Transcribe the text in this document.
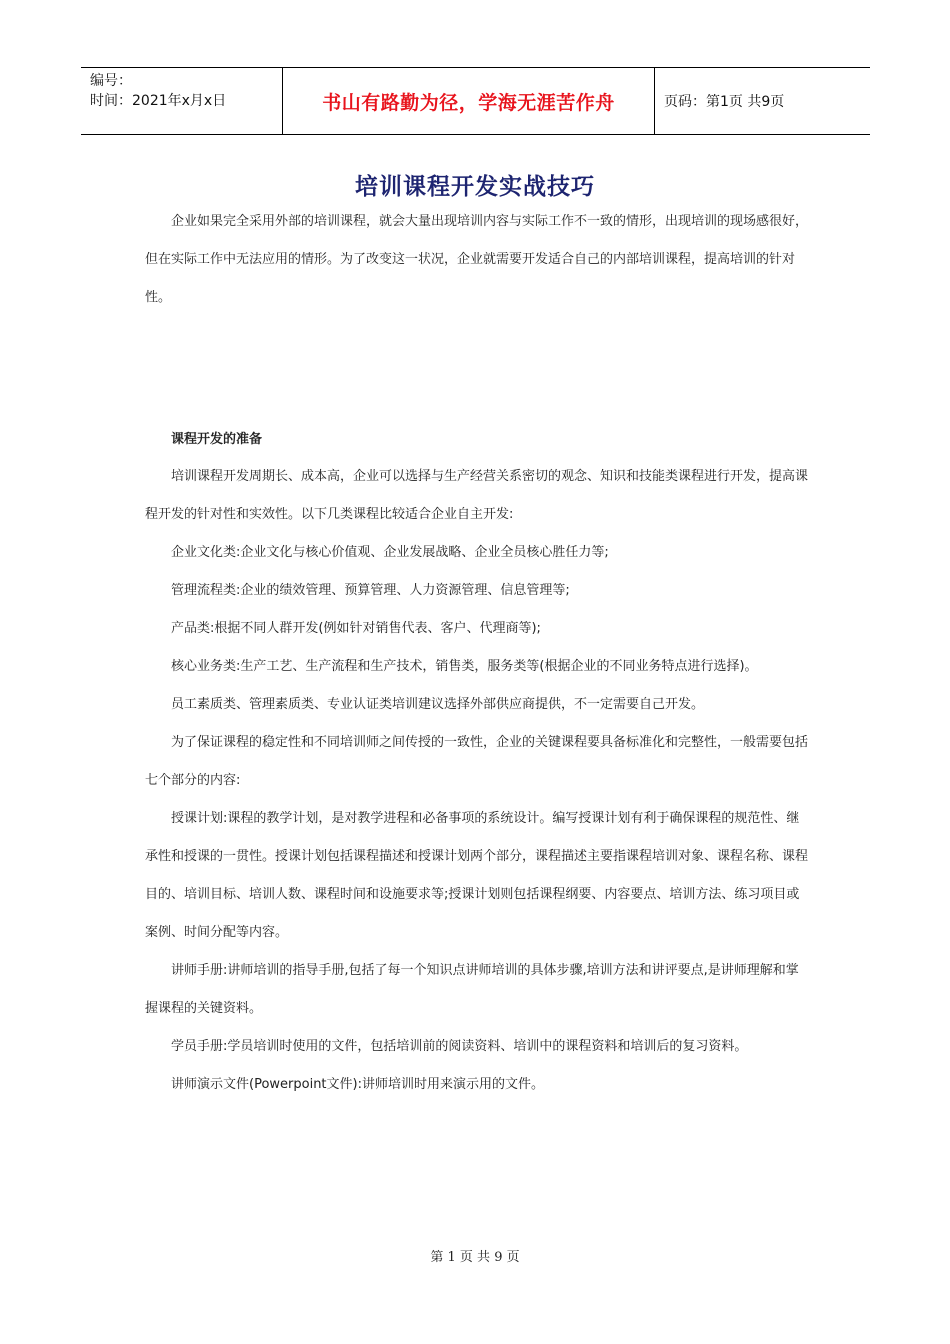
编号：
时间：2021年x月x日	书山有路勤为径，学海无涯苦作舟	页码：第1页 共9页
培训课程开发实战技巧

企业如果完全采用外部的培训课程，就会大量出现培训内容与实际工作不一致的情形，出现培训的现场感很好，但在实际工作中无法应用的情形。为了改变这一状况，企业就需要开发适合自己的内部培训课程，提高培训的针对性。

课程开发的准备

培训课程开发周期长、成本高，企业可以选择与生产经营关系密切的观念、知识和技能类课程进行开发，提高课程开发的针对性和实效性。以下几类课程比较适合企业自主开发:

企业文化类:企业文化与核心价值观、企业发展战略、企业全员核心胜任力等;

管理流程类:企业的绩效管理、预算管理、人力资源管理、信息管理等;

产品类:根据不同人群开发(例如针对销售代表、客户、代理商等);

核心业务类:生产工艺、生产流程和生产技术，销售类，服务类等(根据企业的不同业务特点进行选择)。

员工素质类、管理素质类、专业认证类培训建议选择外部供应商提供，不一定需要自己开发。

为了保证课程的稳定性和不同培训师之间传授的一致性，企业的关键课程要具备标准化和完整性，一般需要包括七个部分的内容:

授课计划:课程的教学计划，是对教学进程和必备事项的系统设计。编写授课计划有利于确保课程的规范性、继承性和授课的一贯性。授课计划包括课程描述和授课计划两个部分，课程描述主要指课程培训对象、课程名称、课程目的、培训目标、培训人数、课程时间和设施要求等;授课计划则包括课程纲要、内容要点、培训方法、练习项目或案例、时间分配等内容。

讲师手册:讲师培训的指导手册,包括了每一个知识点讲师培训的具体步骤,培训方法和讲评要点,是讲师理解和掌握课程的关键资料。

学员手册:学员培训时使用的文件，包括培训前的阅读资料、培训中的课程资料和培训后的复习资料。

讲师演示文件(Powerpoint文件):讲师培训时用来演示用的文件。

第 1 页 共 9 页
